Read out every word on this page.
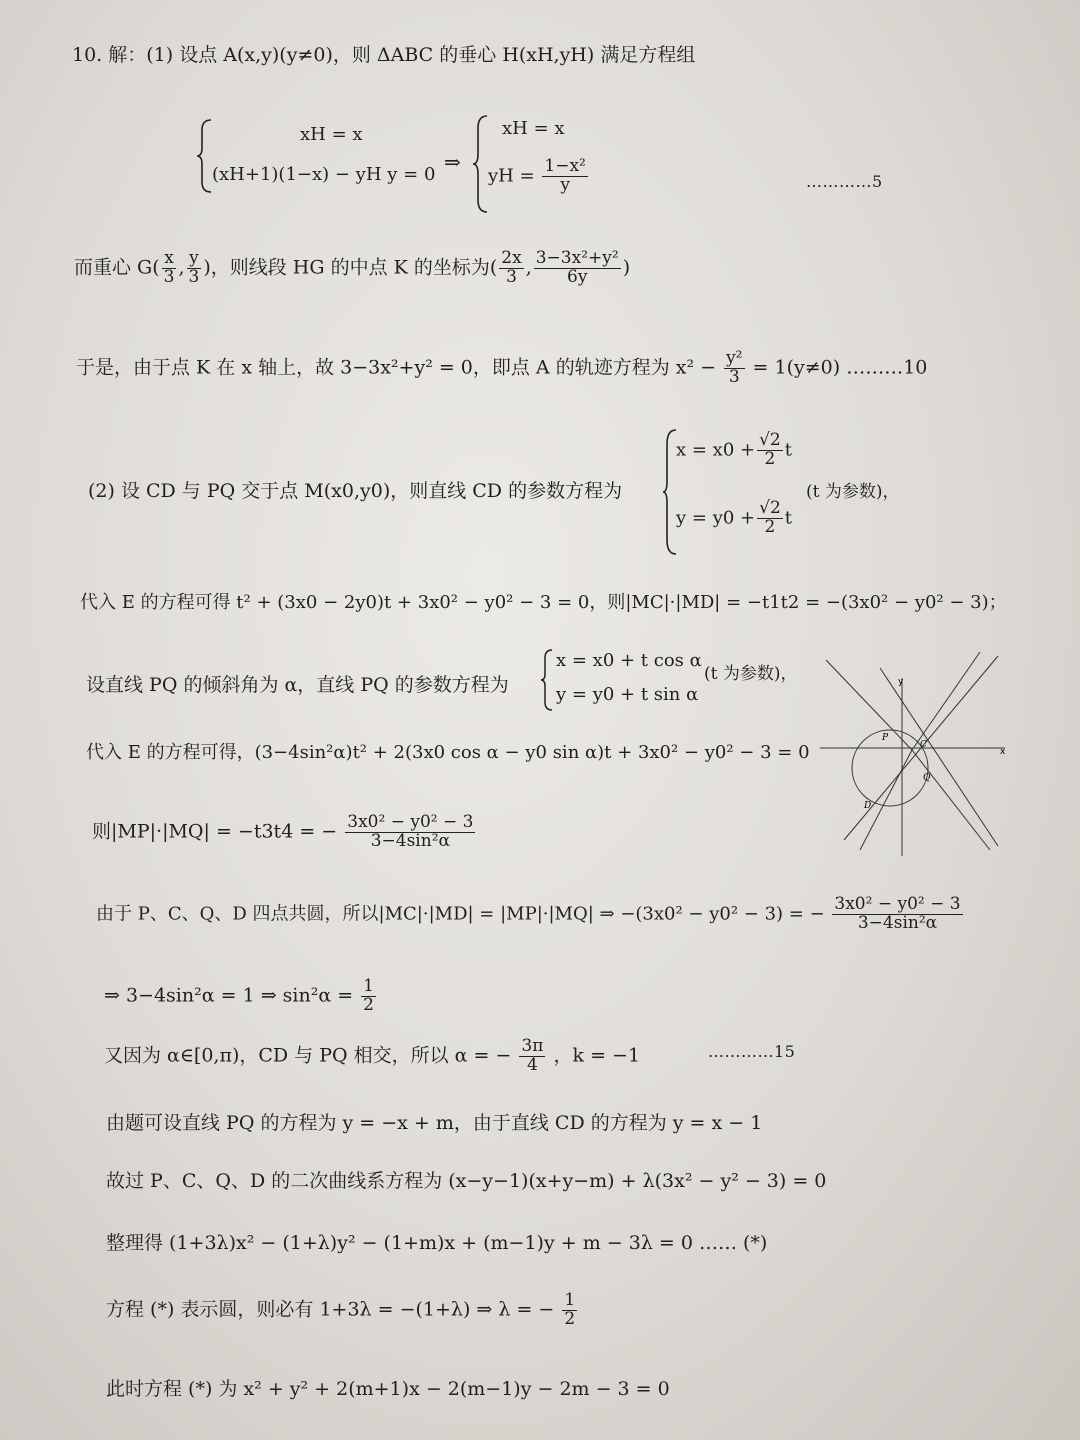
10. 解：(1) 设点 A(x,y)(y≠0)，则 ΔABC 的垂心 H(xH,yH) 满足方程组
xH = x
(xH+1)(1−x) − yH y = 0
⇒
xH = x
yH = $\frac{\text{1−x²}}{y}$	…………5
而重心 $G( \frac{x}{3}$ , $\frac{y}{3}$ )，则线段 HG 的中点 K 的坐标为( $\frac{2x}{3}$ , $\frac{\text{3−3x²+y²}}{6y}$ )
于是，由于点 K 在 x 轴上，故 3−3x²+y² = 0，即点 A 的轨迹方程为 $x^2 - \frac{\text{y²}}{3} = 1(y\ne 0)$ ………10
(2) 设 CD 与 PQ 交于点 M(x0,y0)，则直线 CD 的参数方程为
$x = x0 + \frac{√2}{2}$ t
$y = y0 + \frac{√2}{2}$ t
(t 为参数)，
代入 E 的方程可得 t² + (3x0 − 2y0)t + 3x0² − y0² − 3 = 0，则|MC|·|MD| = −t1t2 = −(3x0² − y0² − 3)；
设直线 PQ 的倾斜角为 α，直线 PQ 的参数方程为
x = x0 + t cos α
y = y0 + t sin α
(t 为参数)，
代入 E 的方程可得，(3−4sin²α)t² + 2(3x0 cos α − y0 sin α)t + 3x0² − y0² − 3 = 0
则|MP|·|MQ| = −t3t4 = − $\frac{\text{3x0² − y0² − 3}}{\text{3−4sin²α}}$
由于 P、C、Q、D 四点共圆，所以|MC|·|MD| = |MP|·|MQ| ⇒ −(3x0² − y0² − 3) = − $\frac{\text{3x0² − y0² − 3}}{\text{3−4sin²α}}$
⇒ 3−4sin²α = 1 ⇒ $\sin^2\alpha = \frac{1}{2}$
又因为 α∈[0,π)，CD 与 PQ 相交，所以 α = − $\frac{3\pi}{4}$ ，k = −1	…………15
由题可设直线 PQ 的方程为 y = −x + m，由于直线 CD 的方程为 y = x − 1
故过 P、C、Q、D 的二次曲线系方程为 (x−y−1)(x+y−m) + λ(3x² − y² − 3) = 0
整理得 (1+3λ)x² − (1+λ)y² − (1+m)x + (m−1)y + m − 3λ = 0 …… (*)
方程 (*) 表示圆，则必有 1+3λ = −(1+λ) ⇒ λ = − $\frac{1}{2}$
此时方程 (*) 为 x² + y² + 2(m+1)x − 2(m−1)y − 2m − 3 = 0
x
y
P
C
Q
D
